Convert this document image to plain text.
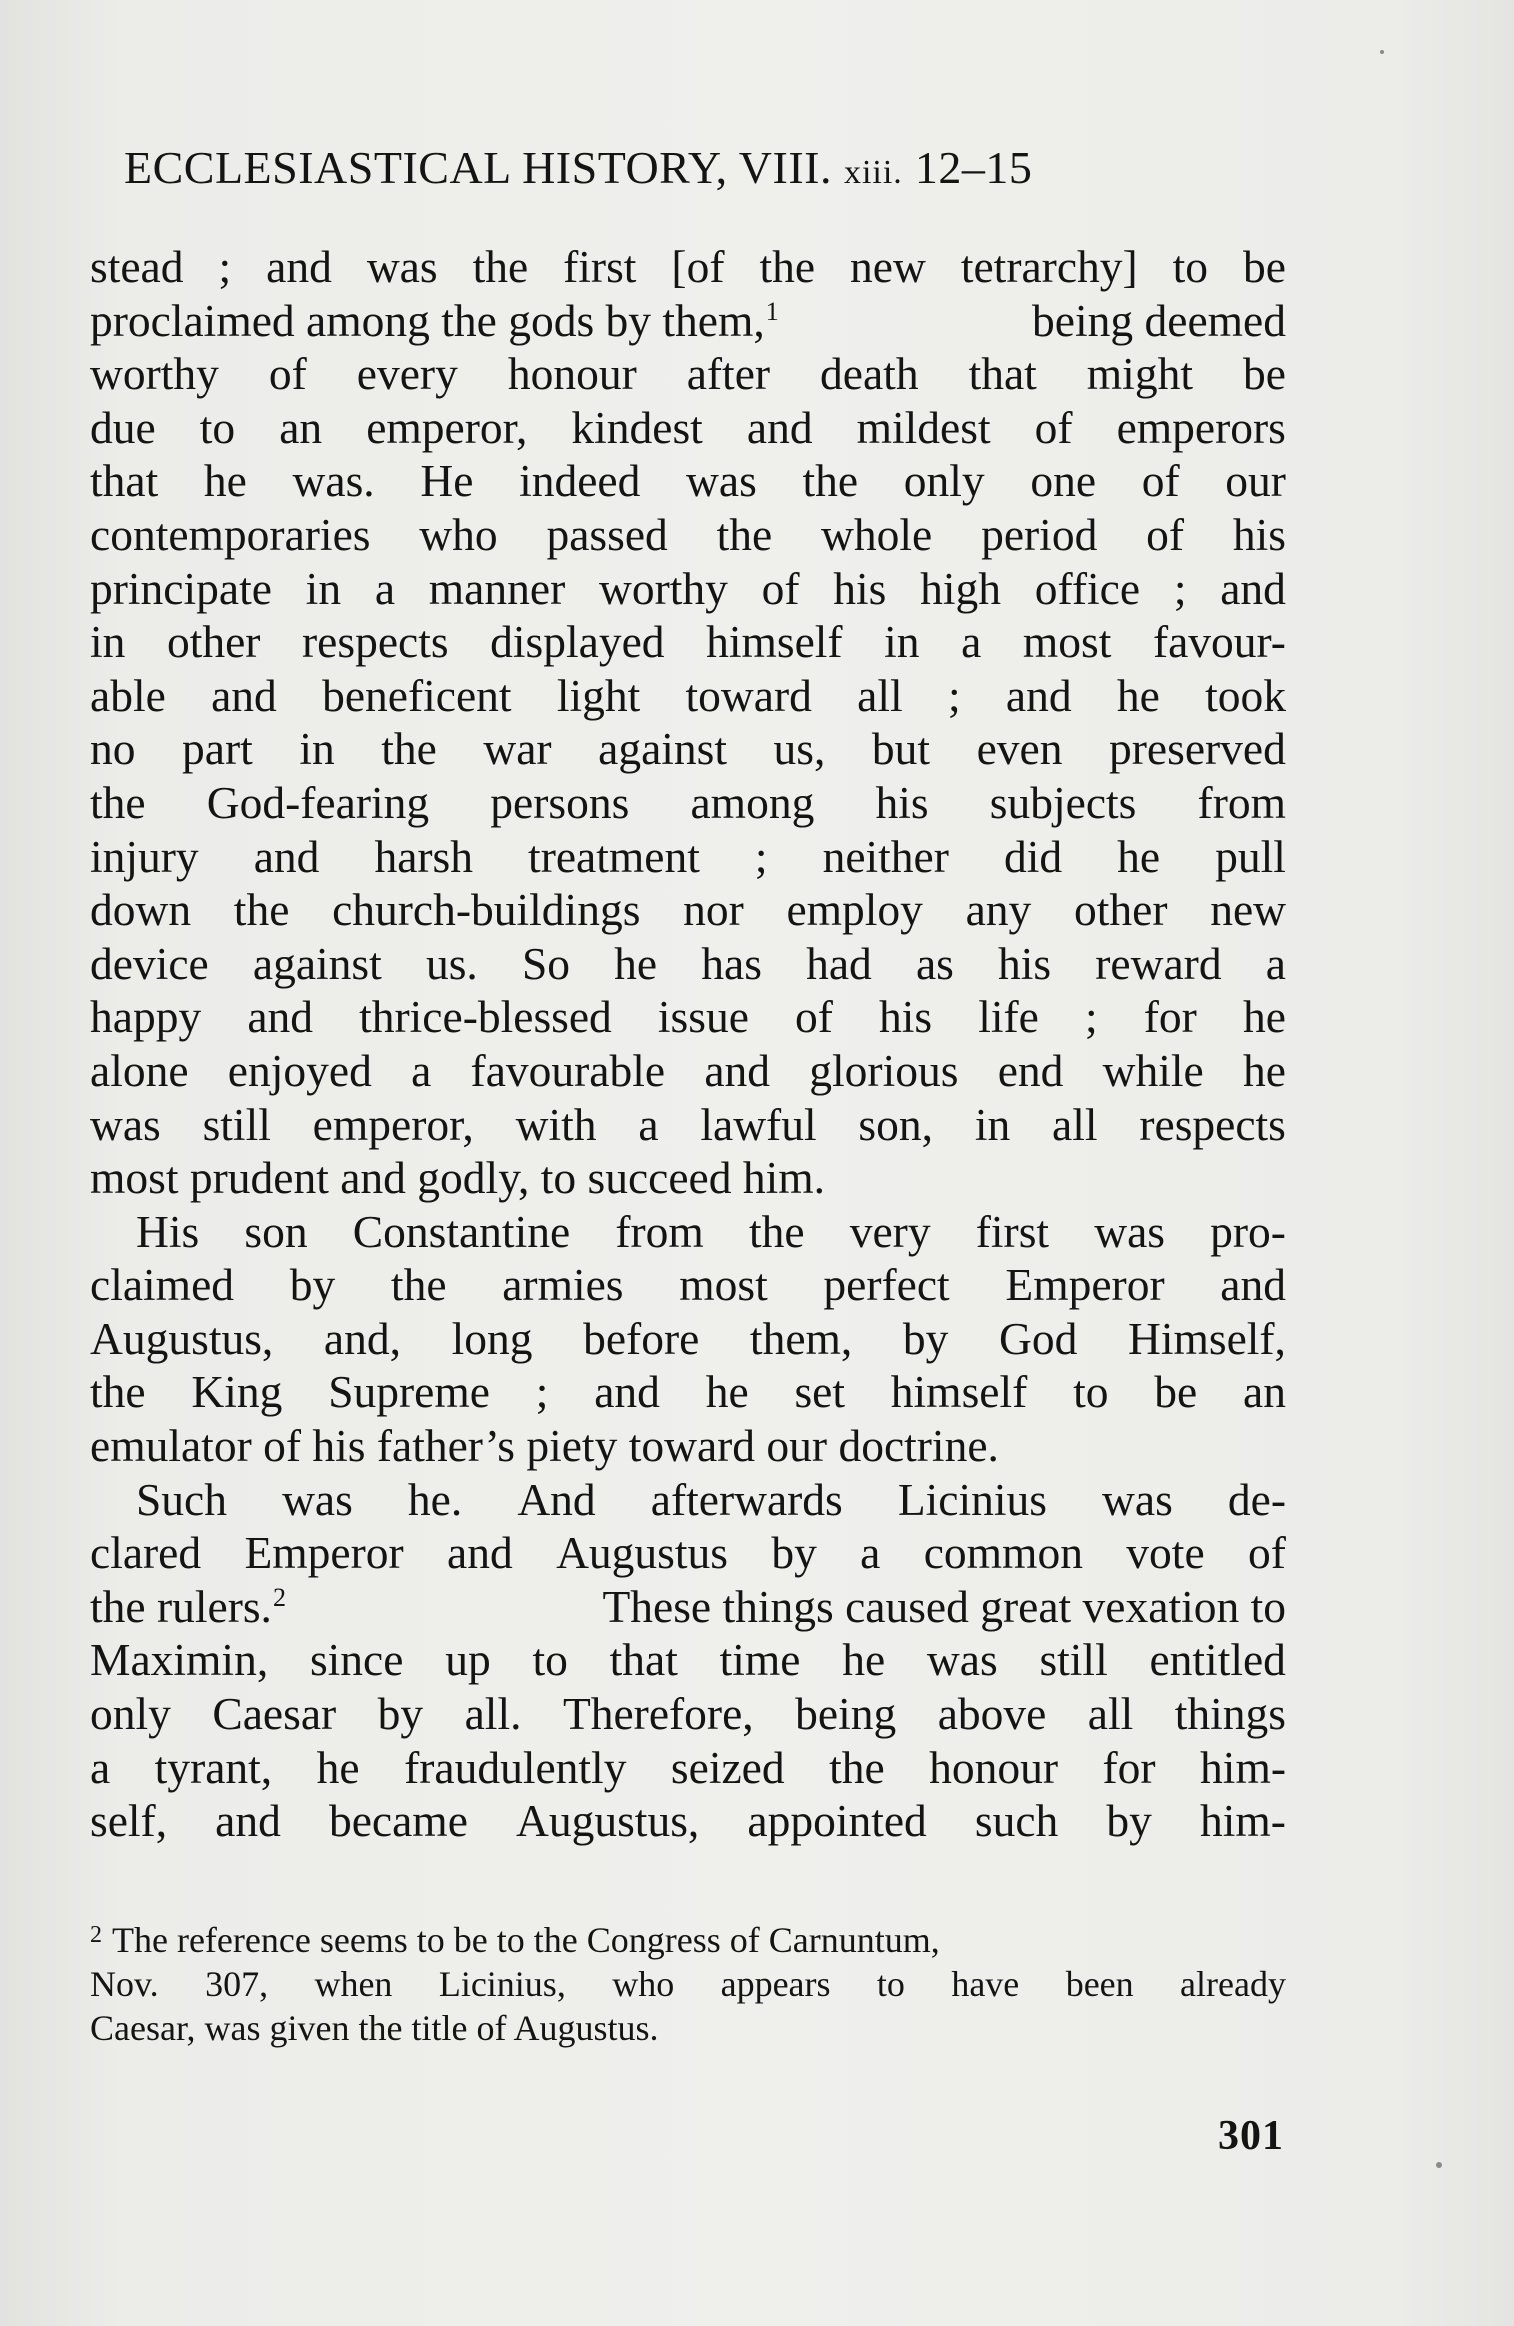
ECCLESIASTICAL HISTORY, VIII. xiii. 12–15
stead ; and was the first [of the new tetrarchy] to be
proclaimed among the gods by them,$^1$	being deemed
worthy of every honour after death that might be
due to an emperor, kindest and mildest of emperors
that he was. He indeed was the only one of our
contemporaries who passed the whole period of his
principate in a manner worthy of his high office ; and
in other respects displayed himself in a most favour-
able and beneficent light toward all ; and he took
no part in the war against us, but even preserved
the God-fearing persons among his subjects from
injury and harsh treatment ; neither did he pull
down the church-buildings nor employ any other new
device against us. So he has had as his reward a
happy and thrice-blessed issue of his life ; for he
alone enjoyed a favourable and glorious end while he
was still emperor, with a lawful son, in all respects
most prudent and godly, to succeed him.
His son Constantine from the very first was pro-
claimed by the armies most perfect Emperor and
Augustus, and, long before them, by God Himself,
the King Supreme ; and he set himself to be an
emulator of his father’s piety toward our doctrine.
Such was he. And afterwards Licinius was de-
clared Emperor and Augustus by a common vote of
the rulers.$^2$	These things caused great vexation to
Maximin, since up to that time he was still entitled
only Caesar by all. Therefore, being above all things
a tyrant, he fraudulently seized the honour for him-
self, and became Augustus, appointed such by him-
$^2$ The reference seems to be to the Congress of Carnuntum,
Nov. 307, when Licinius, who appears to have been already
Caesar, was given the title of Augustus.
301
